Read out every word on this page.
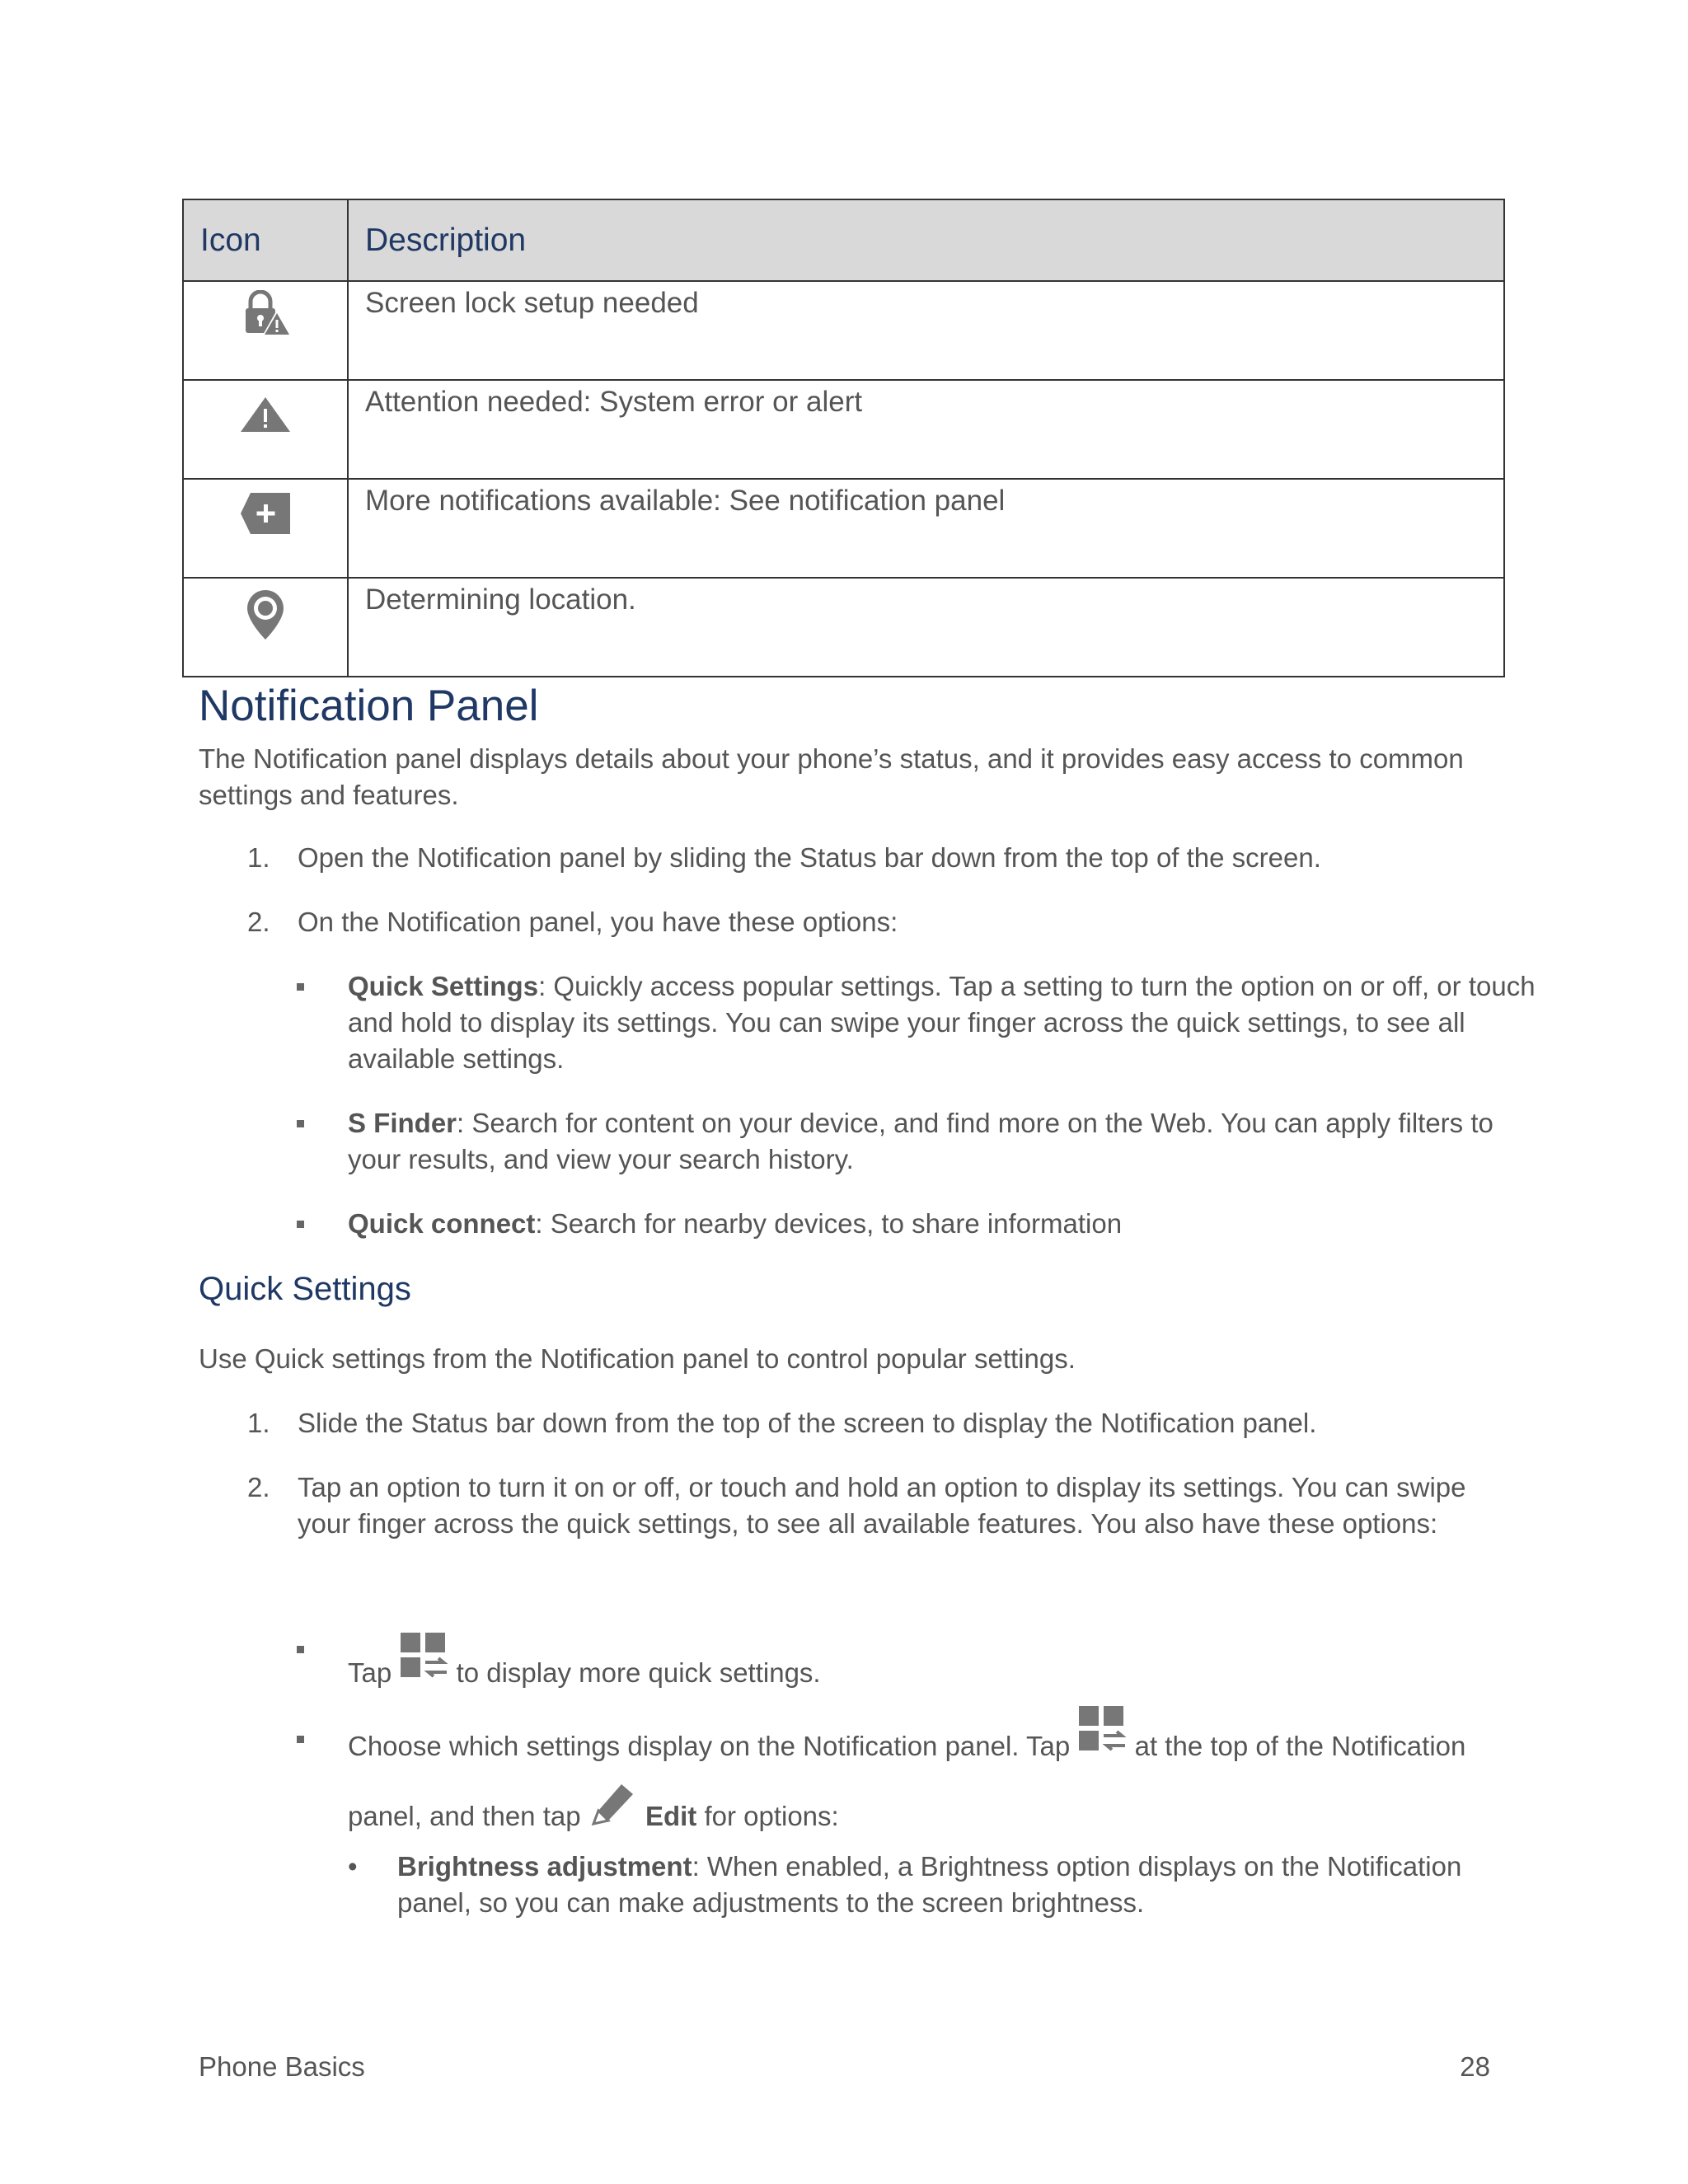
Icon	Description
	Screen lock setup needed
	Attention needed: System error or alert
	More notifications available: See notification panel
	Determining location.
Notification Panel

The Notification panel displays details about your phone’s status, and it provides easy access to common settings and features.

1. Open the Notification panel by sliding the Status bar down from the top of the screen.
2. On the Notification panel, you have these options:
Quick Settings: Quickly access popular settings. Tap a setting to turn the option on or off, or touch and hold to display its settings. You can swipe your finger across the quick settings, to see all available settings.
S Finder: Search for content on your device, and find more on the Web. You can apply filters to your results, and view your search history.
Quick connect: Search for nearby devices, to share information
Quick Settings

Use Quick settings from the Notification panel to control popular settings.

1. Slide the Status bar down from the top of the screen to display the Notification panel.
2. Tap an option to turn it on or off, or touch and hold an option to display its settings. You can swipe your finger across the quick settings, to see all available features. You also have these options:
Tap to display more quick settings.
Choose which settings display on the Notification panel. Tap at the top of the Notification panel, and then tap Edit for options:
• Brightness adjustment: When enabled, a Brightness option displays on the Notification panel, so you can make adjustments to the screen brightness.
Phone Basics	28
